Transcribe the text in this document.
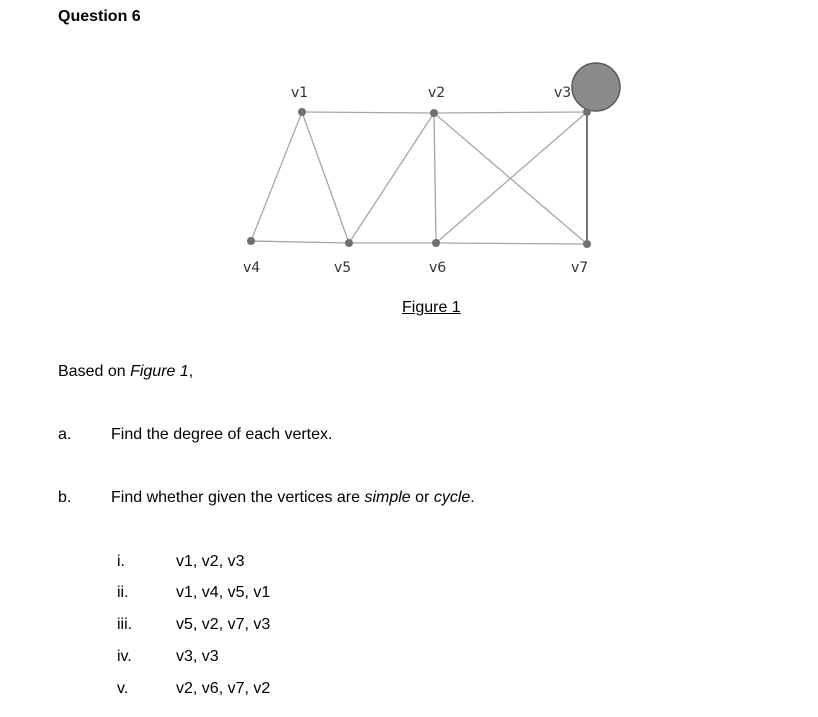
Question 6
v1	v2	v3
v4	v5	v6	v7
Figure 1
Based on Figure 1,
a. Find the degree of each vertex.
b. Find whether given the vertices are simple or cycle.
i.	v1, v2, v3
ii.	v1, v4, v5, v1
iii.	v5, v2, v7, v3
iv.	v3, v3
v.	v2, v6, v7, v2
